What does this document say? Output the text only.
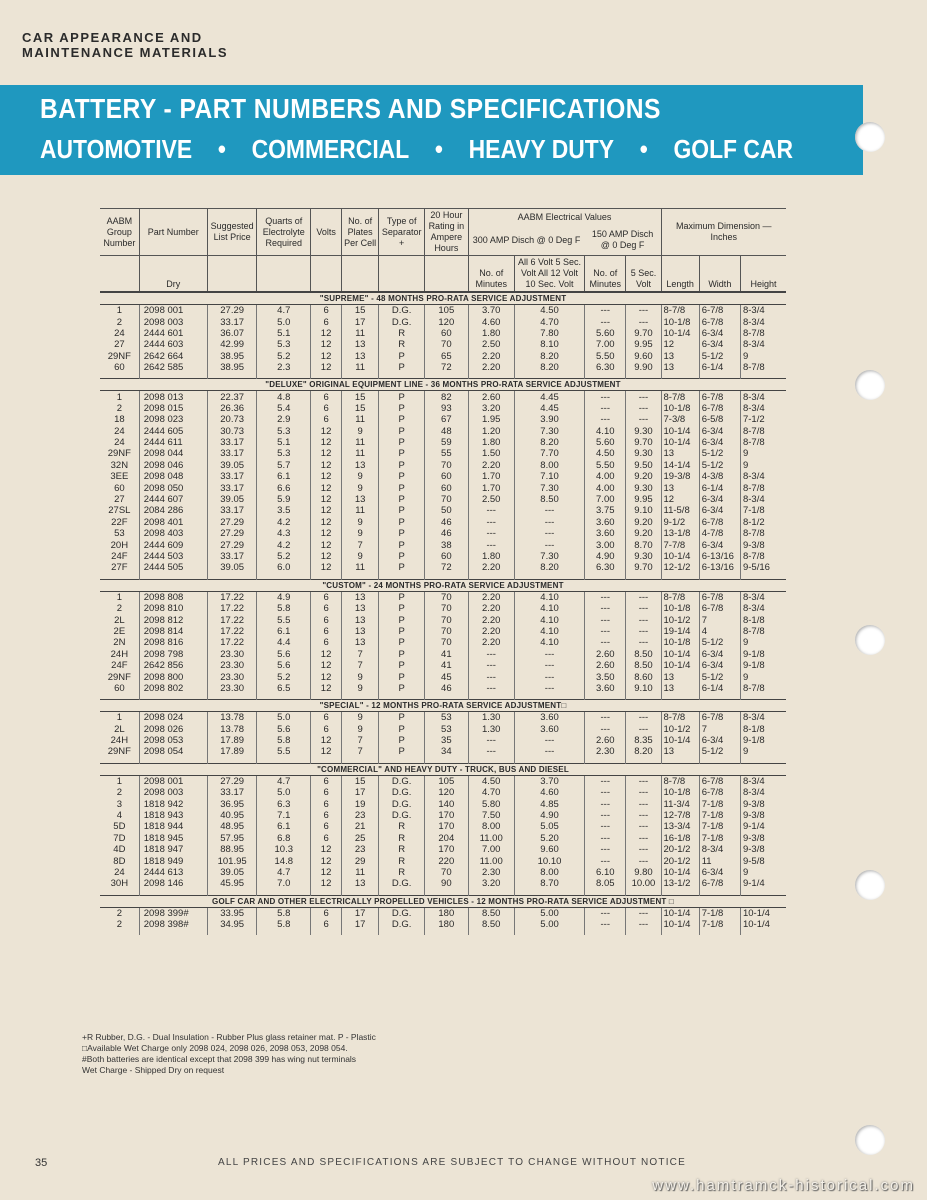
CAR APPEARANCE AND
MAINTENANCE MATERIALS
BATTERY - PART NUMBERS AND SPECIFICATIONS
AUTOMOTIVE • COMMERCIAL • HEAVY DUTY • GOLF CAR
AABM Group Number	Part Number	Suggested List Price	Quarts of Electrolyte Required	Volts	No. of Plates Per Cell	Type of Separator +	20 Hour Rating in Ampere Hours	AABM Electrical Values				Maximum Dimension — Inches		
								300 AMP Disch @ 0 Deg F		150 AMP Disch @ 0 Deg F				
	Dry							No. of Minutes	All 6 Volt 5 Sec. Volt All 12 Volt 10 Sec. Volt	No. of Minutes	5 Sec. Volt	Length	Width	Height
"SUPREME" - 48 MONTHS PRO-RATA SERVICE ADJUSTMENT														
1	2098 001	27.29	4.7	6	15	D.G.	105	3.70	4.50	---	---	8-7/8	6-7/8	8-3/4
2	2098 003	33.17	5.0	6	17	D.G.	120	4.60	4.70	---	---	10-1/8	6-7/8	8-3/4
24	2444 601	36.07	5.1	12	11	R	60	1.80	7.80	5.60	9.70	10-1/4	6-3/4	8-7/8
27	2444 603	42.99	5.3	12	13	R	70	2.50	8.10	7.00	9.95	12	6-3/4	8-3/4
29NF	2642 664	38.95	5.2	12	13	P	65	2.20	8.20	5.50	9.60	13	5-1/2	9
60	2642 585	38.95	2.3	12	11	P	72	2.20	8.20	6.30	9.90	13	6-1/4	8-7/8
"DELUXE" ORIGINAL EQUIPMENT LINE - 36 MONTHS PRO-RATA SERVICE ADJUSTMENT														
1	2098 013	22.37	4.8	6	15	P	82	2.60	4.45	---	---	8-7/8	6-7/8	8-3/4
2	2098 015	26.36	5.4	6	15	P	93	3.20	4.45	---	---	10-1/8	6-7/8	8-3/4
18	2098 023	20.73	2.9	6	11	P	67	1.95	3.90	---	---	7-3/8	6-5/8	7-1/2
24	2444 605	30.73	5.3	12	9	P	48	1.20	7.30	4.10	9.30	10-1/4	6-3/4	8-7/8
24	2444 611	33.17	5.1	12	11	P	59	1.80	8.20	5.60	9.70	10-1/4	6-3/4	8-7/8
29NF	2098 044	33.17	5.3	12	11	P	55	1.50	7.70	4.50	9.30	13	5-1/2	9
32N	2098 046	39.05	5.7	12	13	P	70	2.20	8.00	5.50	9.50	14-1/4	5-1/2	9
3EE	2098 048	33.17	6.1	12	9	P	60	1.70	7.10	4.00	9.20	19-3/8	4-3/8	8-3/4
60	2098 050	33.17	6.6	12	9	P	60	1.70	7.30	4.00	9.30	13	6-1/4	8-7/8
27	2444 607	39.05	5.9	12	13	P	70	2.50	8.50	7.00	9.95	12	6-3/4	8-3/4
27SL	2084 286	33.17	3.5	12	11	P	50	---	---	3.75	9.10	11-5/8	6-3/4	7-1/8
22F	2098 401	27.29	4.2	12	9	P	46	---	---	3.60	9.20	9-1/2	6-7/8	8-1/2
53	2098 403	27.29	4.3	12	9	P	46	---	---	3.60	9.20	13-1/8	4-7/8	8-7/8
20H	2444 609	27.29	4.2	12	7	P	38	---	---	3.00	8.70	7-7/8	6-3/4	9-3/8
24F	2444 503	33.17	5.2	12	9	P	60	1.80	7.30	4.90	9.30	10-1/4	6-13/16	8-7/8
27F	2444 505	39.05	6.0	12	11	P	72	2.20	8.20	6.30	9.70	12-1/2	6-13/16	9-5/16
"CUSTOM" - 24 MONTHS PRO-RATA SERVICE ADJUSTMENT														
1	2098 808	17.22	4.9	6	13	P	70	2.20	4.10	---	---	8-7/8	6-7/8	8-3/4
2	2098 810	17.22	5.8	6	13	P	70	2.20	4.10	---	---	10-1/8	6-7/8	8-3/4
2L	2098 812	17.22	5.5	6	13	P	70	2.20	4.10	---	---	10-1/2	7	8-1/8
2E	2098 814	17.22	6.1	6	13	P	70	2.20	4.10	---	---	19-1/4	4	8-7/8
2N	2098 816	17.22	4.4	6	13	P	70	2.20	4.10	---	---	10-1/8	5-1/2	9
24H	2098 798	23.30	5.6	12	7	P	41	---	---	2.60	8.50	10-1/4	6-3/4	9-1/8
24F	2642 856	23.30	5.6	12	7	P	41	---	---	2.60	8.50	10-1/4	6-3/4	9-1/8
29NF	2098 800	23.30	5.2	12	9	P	45	---	---	3.50	8.60	13	5-1/2	9
60	2098 802	23.30	6.5	12	9	P	46	---	---	3.60	9.10	13	6-1/4	8-7/8
"SPECIAL" - 12 MONTHS PRO-RATA SERVICE ADJUSTMENT□														
1	2098 024	13.78	5.0	6	9	P	53	1.30	3.60	---	---	8-7/8	6-7/8	8-3/4
2L	2098 026	13.78	5.6	6	9	P	53	1.30	3.60	---	---	10-1/2	7	8-1/8
24H	2098 053	17.89	5.8	12	7	P	35	---	---	2.60	8.35	10-1/4	6-3/4	9-1/8
29NF	2098 054	17.89	5.5	12	7	P	34	---	---	2.30	8.20	13	5-1/2	9
"COMMERCIAL" AND HEAVY DUTY - TRUCK, BUS AND DIESEL														
1	2098 001	27.29	4.7	6	15	D.G.	105	4.50	3.70	---	---	8-7/8	6-7/8	8-3/4
2	2098 003	33.17	5.0	6	17	D.G.	120	4.70	4.60	---	---	10-1/8	6-7/8	8-3/4
3	1818 942	36.95	6.3	6	19	D.G.	140	5.80	4.85	---	---	11-3/4	7-1/8	9-3/8
4	1818 943	40.95	7.1	6	23	D.G.	170	7.50	4.90	---	---	12-7/8	7-1/8	9-3/8
5D	1818 944	48.95	6.1	6	21	R	170	8.00	5.05	---	---	13-3/4	7-1/8	9-1/4
7D	1818 945	57.95	6.8	6	25	R	204	11.00	5.20	---	---	16-1/8	7-1/8	9-3/8
4D	1818 947	88.95	10.3	12	23	R	170	7.00	9.60	---	---	20-1/2	8-3/4	9-3/8
8D	1818 949	101.95	14.8	12	29	R	220	11.00	10.10	---	---	20-1/2	11	9-5/8
24	2444 613	39.05	4.7	12	11	R	70	2.30	8.00	6.10	9.80	10-1/4	6-3/4	9
30H	2098 146	45.95	7.0	12	13	D.G.	90	3.20	8.70	8.05	10.00	13-1/2	6-7/8	9-1/4
GOLF CAR AND OTHER ELECTRICALLY PROPELLED VEHICLES - 12 MONTHS PRO-RATA SERVICE ADJUSTMENT □														
2	2098 399#	33.95	5.8	6	17	D.G.	180	8.50	5.00	---	---	10-1/4	7-1/8	10-1/4
2	2098 398#	34.95	5.8	6	17	D.G.	180	8.50	5.00	---	---	10-1/4	7-1/8	10-1/4
+R Rubber, D.G. - Dual Insulation - Rubber Plus glass retainer mat. P - Plastic
□Available Wet Charge only 2098 024, 2098 026, 2098 053, 2098 054.
#Both batteries are identical except that 2098 399 has wing nut terminals
Wet Charge - Shipped Dry on request
35	ALL PRICES AND SPECIFICATIONS ARE SUBJECT TO CHANGE WITHOUT NOTICE
www.hamtramck-historical.com
